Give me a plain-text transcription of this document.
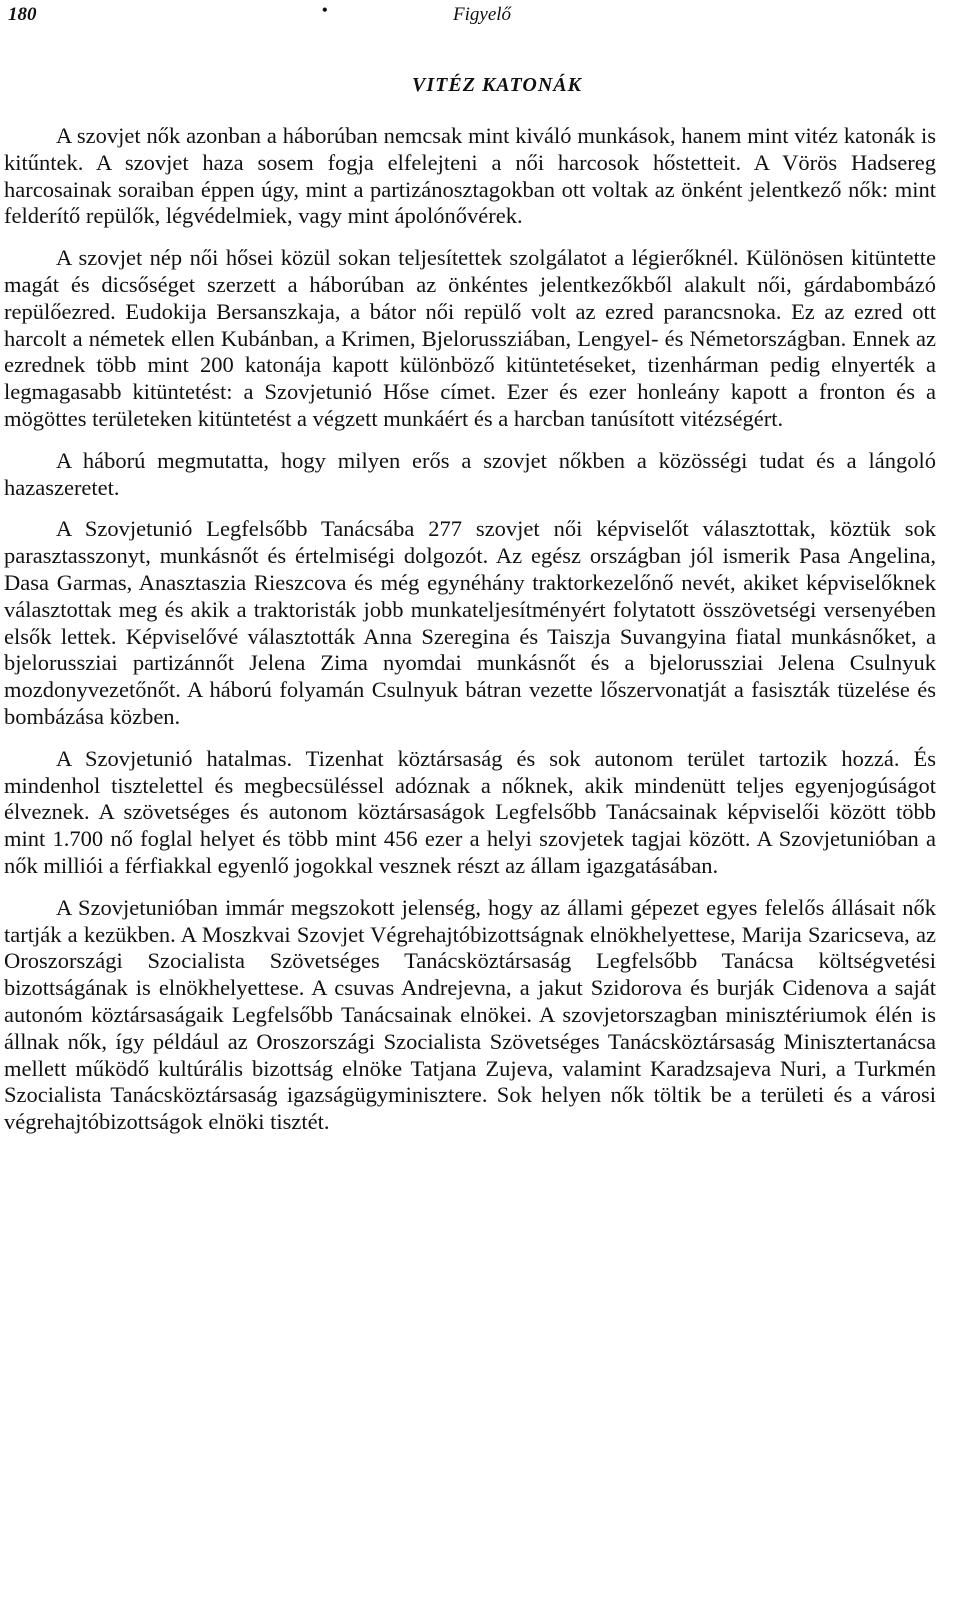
180	•	Figyelő
VITÉZ KATONÁK

A szovjet nők azonban a háborúban nemcsak mint kiváló munkások, hanem mint vitéz katonák is kitűntek. A szovjet haza sosem fogja elfelejteni a női harcosok hőstetteit. A Vörös Hadsereg harcosainak soraiban éppen úgy, mint a partizánosztagokban ott voltak az önként jelentkező nők: mint felderítő repülők, légvédelmiek, vagy mint ápolónővérek.

A szovjet nép női hősei közül sokan teljesítettek szolgálatot a légierőknél. Különösen kitüntette magát és dicsőséget szerzett a háborúban az önkéntes jelentkezőkből alakult női, gárdabombázó repülőezred. Eudokija Bersanszkaja, a bátor női repülő volt az ezred parancsnoka. Ez az ezred ott harcolt a németek ellen Kubánban, a Krimen, Bjelorussziában, Lengyel- és Németországban. Ennek az ezrednek több mint 200 katonája kapott különböző kitüntetéseket, tizenhárman pedig elnyerték a legmagasabb kitüntetést: a Szovjetunió Hőse címet. Ezer és ezer honleány kapott a fronton és a mögöttes területeken kitüntetést a végzett munkáért és a harcban tanúsított vitézségért.

A háború megmutatta, hogy milyen erős a szovjet nőkben a közösségi tudat és a lángoló hazaszeretet.

A Szovjetunió Legfelsőbb Tanácsába 277 szovjet női képviselőt választottak, köztük sok parasztasszonyt, munkásnőt és értelmiségi dolgozót. Az egész országban jól ismerik Pasa Angelina, Dasa Garmas, Anasztaszia Rieszcova és még egynéhány traktorkezelőnő nevét, akiket képviselőknek választottak meg és akik a traktoristák jobb munkateljesítményért folytatott összövetségi versenyében elsők lettek. Képviselővé választották Anna Szeregina és Taiszja Suvangyina fiatal munkásnőket, a bjelorussziai partizánnőt Jelena Zima nyomdai munkásnőt és a bjelorussziai Jelena Csulnyuk mozdonyvezetőnőt. A háború folyamán Csulnyuk bátran vezette lőszervonatját a fasiszták tüzelése és bombázása közben.

A Szovjetunió hatalmas. Tizenhat köztársaság és sok autonom terület tartozik hozzá. És mindenhol tisztelettel és megbecsüléssel adóznak a nőknek, akik mindenütt teljes egyenjogúságot élveznek. A szövetséges és autonom köztársaságok Legfelsőbb Tanácsainak képviselői között több mint 1.700 nő foglal helyet és több mint 456 ezer a helyi szovjetek tagjai között. A Szovjetunióban a nők milliói a férfiakkal egyenlő jogokkal vesznek részt az állam igazgatásában.

A Szovjetunióban immár megszokott jelenség, hogy az állami gépezet egyes felelős állásait nők tartják a kezükben. A Moszkvai Szovjet Végrehajtóbizottságnak elnökhelyettese, Marija Szaricseva, az Oroszországi Szocialista Szövetséges Tanácsköztársaság Legfelsőbb Tanácsa költségvetési bizottságának is elnökhelyettese. A csuvas Andrejevna, a jakut Szidorova és burják Cidenova a saját autonóm köztársaságaik Legfelsőbb Tanácsainak elnökei. A szovjetorszagban minisztériumok élén is állnak nők, így például az Oroszországi Szocialista Szövetséges Tanácsköztársaság Minisztertanácsa mellett működő kultúrális bizottság elnöke Tatjana Zujeva, valamint Karadzsajeva Nuri, a Turkmén Szocialista Tanácsköztársaság igazságügyminisztere. Sok helyen nők töltik be a területi és a városi végrehajtóbizottságok elnöki tisztét.
